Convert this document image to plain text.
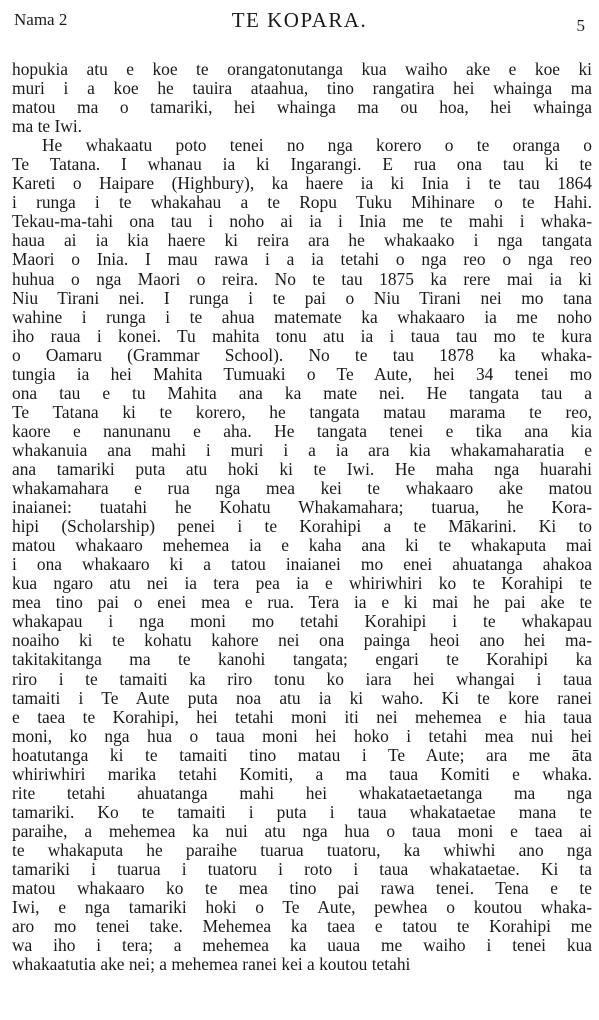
Nama 2	TE KOPARA.	5
hopukia atu e koe te orangatonutanga kua waiho ake e koe ki
muri i a koe he tauira ataahua, tino rangatira hei whainga ma
matou ma o tamariki, hei whainga ma ou hoa, hei whainga
ma te Iwi.
He whakaatu poto tenei no nga korero o te oranga o
Te Tatana. I whanau ia ki Ingarangi. E rua ona tau ki te
Kareti o Haipare (Highbury), ka haere ia ki Inia i te tau 1864
i runga i te whakahau a te Ropu Tuku Mihinare o te Hahi.
Tekau-ma-tahi ona tau i noho ai ia i Inia me te mahi i whaka-
haua ai ia kia haere ki reira ara he whakaako i nga tangata
Maori o Inia. I mau rawa i a ia tetahi o nga reo o nga reo
huhua o nga Maori o reira. No te tau 1875 ka rere mai ia ki
Niu Tirani nei. I runga i te pai o Niu Tirani nei mo tana
wahine i runga i te ahua matemate ka whakaaro ia me noho
iho raua i konei. Tu mahita tonu atu ia i taua tau mo te kura
o Oamaru (Grammar School). No te tau 1878 ka whaka-
tungia ia hei Mahita Tumuaki o Te Aute, hei 34 tenei mo
ona tau e tu Mahita ana ka mate nei. He tangata tau a
Te Tatana ki te korero, he tangata matau marama te reo,
kaore e nanunanu e aha. He tangata tenei e tika ana kia
whakanuia ana mahi i muri i a ia ara kia whakamaharatia e
ana tamariki puta atu hoki ki te Iwi. He maha nga huarahi
whakamahara e rua nga mea kei te whakaaro ake matou
inaianei: tuatahi he Kohatu Whakamahara; tuarua, he Kora-
hipi (Scholarship) penei i te Korahipi a te Mākarini. Ki to
matou whakaaro mehemea ia e kaha ana ki te whakaputa mai
i ona whakaaro ki a tatou inaianei mo enei ahuatanga ahakoa
kua ngaro atu nei ia tera pea ia e whiriwhiri ko te Korahipi te
mea tino pai o enei mea e rua. Tera ia e ki mai he pai ake te
whakapau i nga moni mo tetahi Korahipi i te whakapau
noaiho ki te kohatu kahore nei ona painga heoi ano hei ma-
takitakitanga ma te kanohi tangata; engari te Korahipi ka
riro i te tamaiti ka riro tonu ko iara hei whangai i taua
tamaiti i Te Aute puta noa atu ia ki waho. Ki te kore ranei
e taea te Korahipi, hei tetahi moni iti nei mehemea e hia taua
moni, ko nga hua o taua moni hei hoko i tetahi mea nui hei
hoatutanga ki te tamaiti tino matau i Te Aute; ara me āta
whiriwhiri marika tetahi Komiti, a ma taua Komiti e whaka.
rite tetahi ahuatanga mahi hei whakataetaetanga ma nga
tamariki. Ko te tamaiti i puta i taua whakataetae mana te
paraihe, a mehemea ka nui atu nga hua o taua moni e taea ai
te whakaputa he paraihe tuarua tuatoru, ka whiwhi ano nga
tamariki i tuarua i tuatoru i roto i taua whakataetae. Ki ta
matou whakaaro ko te mea tino pai rawa tenei. Tena e te
Iwi, e nga tamariki hoki o Te Aute, pewhea o koutou whaka-
aro mo tenei take. Mehemea ka taea e tatou te Korahipi me
wa iho i tera; a mehemea ka uaua me waiho i tenei kua
whakaatutia ake nei; a mehemea ranei kei a koutou tetahi
